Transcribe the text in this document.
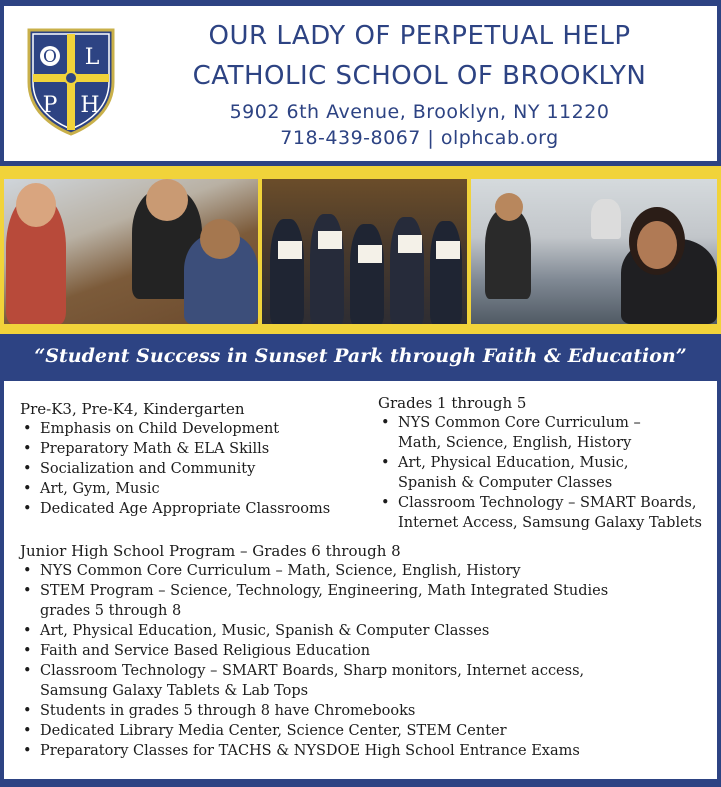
O L
P H
OUR LADY OF PERPETUAL HELP
CATHOLIC SCHOOL OF BROOKLYN
5902 6th Avenue, Brooklyn, NY 11220
718-439-8067 | olphcab.org
“Student Success in Sunset Park through Faith & Education”
Pre-K3, Pre-K4, Kindergarten
• Emphasis on Child Development
• Preparatory Math & ELA Skills
• Socialization and Community
• Art, Gym, Music
• Dedicated Age Appropriate Classrooms
Grades 1 through 5
• NYS Common Core Curriculum –
Math, Science, English, History
• Art, Physical Education, Music,
Spanish & Computer Classes
• Classroom Technology – SMART Boards,
Internet Access, Samsung Galaxy Tablets
Junior High School Program – Grades 6 through 8
• NYS Common Core Curriculum – Math, Science, English, History
• STEM Program – Science, Technology, Engineering, Math Integrated Studies
grades 5 through 8
• Art, Physical Education, Music, Spanish & Computer Classes
• Faith and Service Based Religious Education
• Classroom Technology – SMART Boards, Sharp monitors, Internet access,
Samsung Galaxy Tablets & Lab Tops
• Students in grades 5 through 8 have Chromebooks
• Dedicated Library Media Center, Science Center, STEM Center
• Preparatory Classes for TACHS & NYSDOE High School Entrance Exams
